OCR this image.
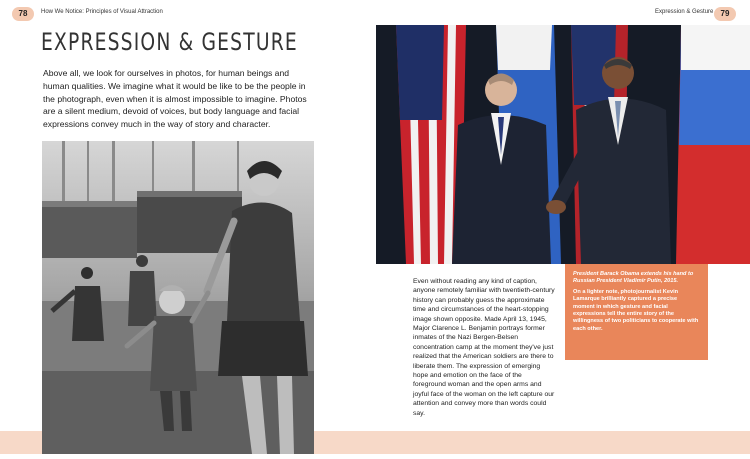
78	How We Notice: Principles of Visual Attraction	Expression & Gesture 79
EXPRESSION & GESTURE

Above all, we look for ourselves in photos, for human beings and human qualities. We imagine what it would be like to be the people in the photograph, even when it is almost impossible to imagine. Photos are a silent medium, devoid of voices, but body language and facial expressions convey much in the way of story and character.

Even without reading any kind of caption, anyone remotely familiar with twentieth-century history can probably guess the approximate time and circumstances of the heart-stopping image shown opposite. Made April 13, 1945, Major Clarence L. Benjamin portrays former inmates of the Nazi Bergen-Belsen concentration camp at the moment they've just realized that the American soldiers are there to liberate them. The expression of emerging hope and emotion on the face of the foreground woman and the open arms and joyful face of the woman on the left capture our attention and convey more than words could say.

President Barack Obama extends his hand to Russian President Vladimir Putin, 2015.

On a lighter note, photojournalist Kevin Lamarque brilliantly captured a precise moment in which gesture and facial expressions tell the entire story of the willingness of two politicians to cooperate with each other.
